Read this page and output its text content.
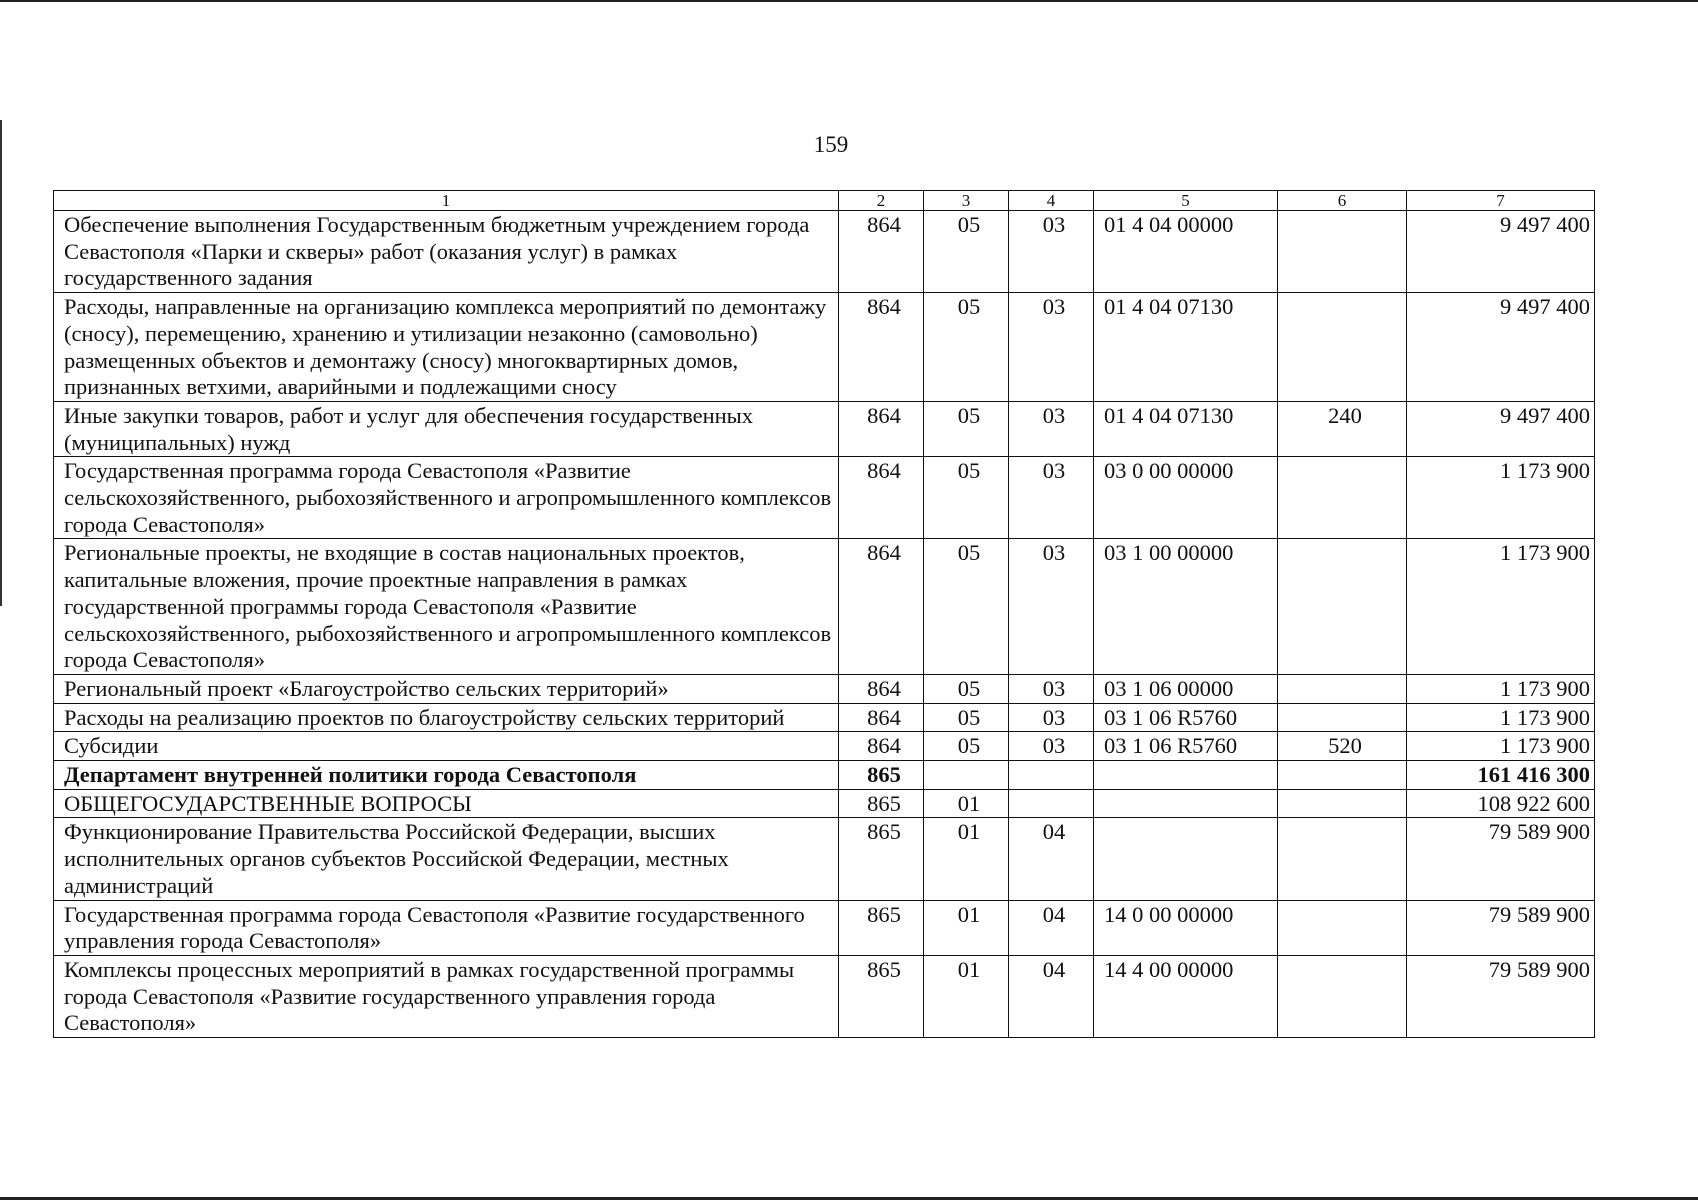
159
1	2	3	4	5	6	7
Обеспечение выполнения Государственным бюджетным учреждением города Севастополя «Парки и скверы» работ (оказания услуг) в рамках государственного задания	864	05	03	01 4 04 00000		9 497 400
Расходы, направленные на организацию комплекса мероприятий по демонтажу (сносу), перемещению, хранению и утилизации незаконно (самовольно) размещенных объектов и демонтажу (сносу) многоквартирных домов, признанных ветхими, аварийными и подлежащими сносу	864	05	03	01 4 04 07130		9 497 400
Иные закупки товаров, работ и услуг для обеспечения государственных (муниципальных) нужд	864	05	03	01 4 04 07130	240	9 497 400
Государственная программа города Севастополя «Развитие сельскохозяйственного, рыбохозяйственного и агропромышленного комплексов города Севастополя»	864	05	03	03 0 00 00000		1 173 900
Региональные проекты, не входящие в состав национальных проектов, капитальные вложения, прочие проектные направления в рамках государственной программы города Севастополя «Развитие сельскохозяйственного, рыбохозяйственного и агропромышленного комплексов города Севастополя»	864	05	03	03 1 00 00000		1 173 900
Региональный проект «Благоустройство сельских территорий»	864	05	03	03 1 06 00000		1 173 900
Расходы на реализацию проектов по благоустройству сельских территорий	864	05	03	03 1 06 R5760		1 173 900
Субсидии	864	05	03	03 1 06 R5760	520	1 173 900
Департамент внутренней политики города Севастополя	865					161 416 300
ОБЩЕГОСУДАРСТВЕННЫЕ ВОПРОСЫ	865	01				108 922 600
Функционирование Правительства Российской Федерации, высших исполнительных органов субъектов Российской Федерации, местных администраций	865	01	04			79 589 900
Государственная программа города Севастополя «Развитие государственного управления города Севастополя»	865	01	04	14 0 00 00000		79 589 900
Комплексы процессных мероприятий в рамках государственной программы города Севастополя «Развитие государственного управления города Севастополя»	865	01	04	14 4 00 00000		79 589 900
